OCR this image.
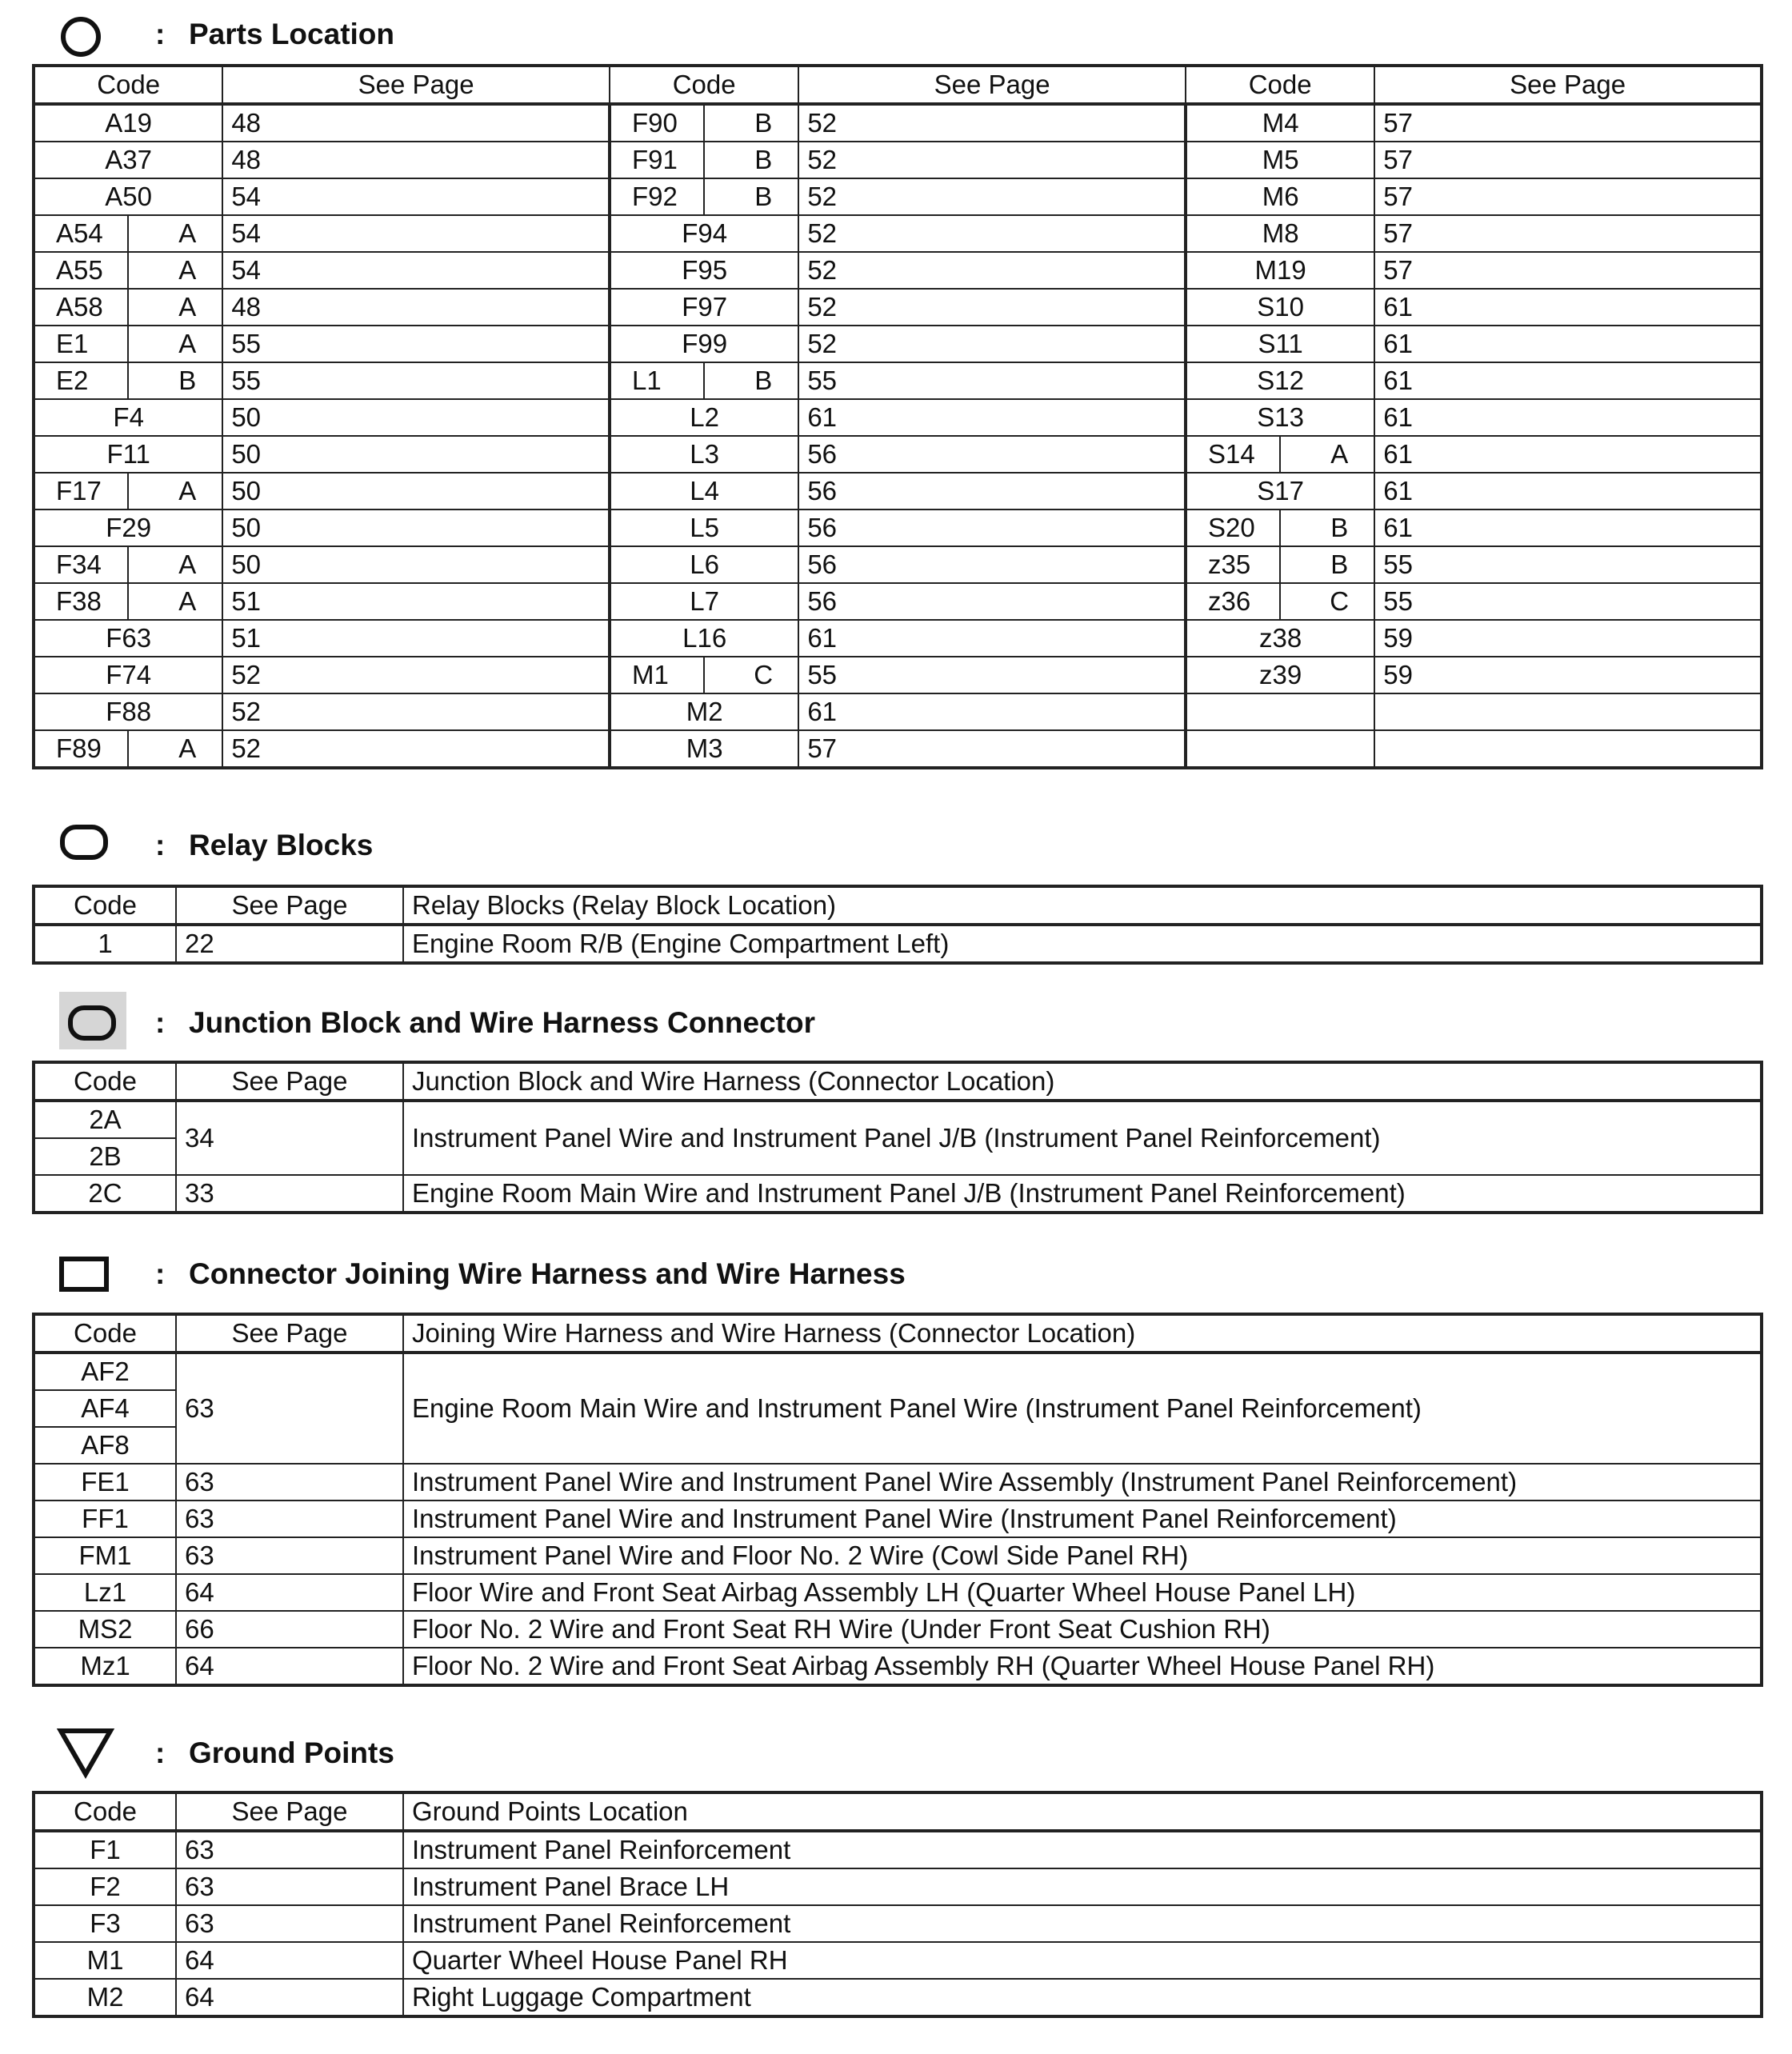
: Parts Location
Code		See Page	Code		See Page	Code		See Page
A19		48	F90	B	52	M4		57
A37		48	F91	B	52	M5		57
A50		54	F92	B	52	M6		57
A54	A	54	F94		52	M8		57
A55	A	54	F95		52	M19		57
A58	A	48	F97		52	S10		61
E1	A	55	F99		52	S11		61
E2	B	55	L1	B	55	S12		61
F4		50	L2		61	S13		61
F11		50	L3		56	S14	A	61
F17	A	50	L4		56	S17		61
F29		50	L5		56	S20	B	61
F34	A	50	L6		56	z35	B	55
F38	A	51	L7		56	z36	C	55
F63		51	L16		61	z38		59
F74		52	M1	C	55	z39		59
F88		52	M2		61			
F89	A	52	M3		57			
: Relay Blocks
Code	See Page	Relay Blocks (Relay Block Location)
1	22	Engine Room R/B (Engine Compartment Left)
: Junction Block and Wire Harness Connector
Code	See Page	Junction Block and Wire Harness (Connector Location)
2A	34	Instrument Panel Wire and Instrument Panel J/B (Instrument Panel Reinforcement)
2B		
2C	33	Engine Room Main Wire and Instrument Panel J/B (Instrument Panel Reinforcement)
: Connector Joining Wire Harness and Wire Harness
Code	See Page	Joining Wire Harness and Wire Harness (Connector Location)
AF2	63	Engine Room Main Wire and Instrument Panel Wire (Instrument Panel Reinforcement)
AF4		
AF8		
FE1	63	Instrument Panel Wire and Instrument Panel Wire Assembly (Instrument Panel Reinforcement)
FF1	63	Instrument Panel Wire and Instrument Panel Wire (Instrument Panel Reinforcement)
FM1	63	Instrument Panel Wire and Floor No. 2 Wire (Cowl Side Panel RH)
Lz1	64	Floor Wire and Front Seat Airbag Assembly LH (Quarter Wheel House Panel LH)
MS2	66	Floor No. 2 Wire and Front Seat RH Wire (Under Front Seat Cushion RH)
Mz1	64	Floor No. 2 Wire and Front Seat Airbag Assembly RH (Quarter Wheel House Panel RH)
: Ground Points
Code	See Page	Ground Points Location
F1	63	Instrument Panel Reinforcement
F2	63	Instrument Panel Brace LH
F3	63	Instrument Panel Reinforcement
M1	64	Quarter Wheel House Panel RH
M2	64	Right Luggage Compartment
